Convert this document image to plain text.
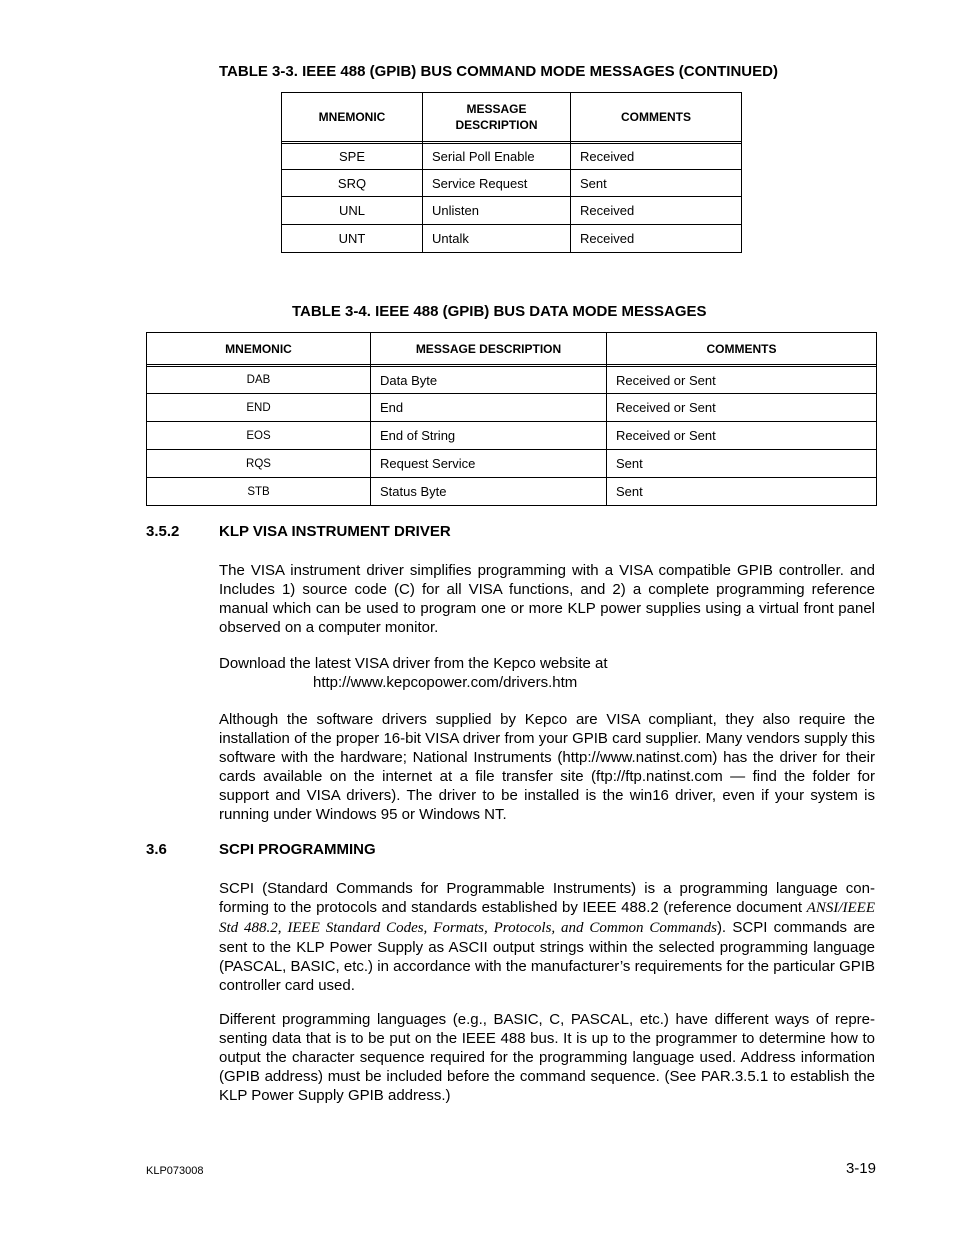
TABLE 3-3. IEEE 488 (GPIB) BUS COMMAND MODE MESSAGES (CONTINUED)
MNEMONIC	MESSAGE DESCRIPTION	COMMENTS

SPE	Serial Poll Enable	Received
SRQ	Service Request	Sent
UNL	Unlisten	Received
UNT	Untalk	Received
TABLE 3-4. IEEE 488 (GPIB) BUS DATA MODE MESSAGES
MNEMONIC	MESSAGE DESCRIPTION	COMMENTS

DAB	Data Byte	Received or Sent
END	End	Received or Sent
EOS	End of String	Received or Sent
RQS	Request Service	Sent
STB	Status Byte	Sent
3.5.2	KLP VISA INSTRUMENT DRIVER
The VISA instrument driver simplifies programming with a VISA compatible GPIB controller. and Includes 1) source code (C) for all VISA functions, and 2) a complete programming reference manual which can be used to program one or more KLP power supplies using a virtual front panel observed on a computer monitor.
Download the latest VISA driver from the Kepco website at
http://www.kepcopower.com/drivers.htm
Although the software drivers supplied by Kepco are VISA compliant, they also require the installation of the proper 16-bit VISA driver from your GPIB card supplier. Many vendors supply this software with the hardware; National Instruments (http://www.natinst.com) has the driver for their cards available on the internet at a file transfer site (ftp://ftp.natinst.com — find the folder for support and VISA drivers). The driver to be installed is the win16 driver, even if your system is running under Windows 95 or Windows NT.
3.6	SCPI PROGRAMMING
SCPI (Standard Commands for Programmable Instruments) is a programming language conforming to the protocols and standards established by IEEE 488.2 (reference document ANSI/IEEE Std 488.2, IEEE Standard Codes, Formats, Protocols, and Common Commands). SCPI commands are sent to the KLP Power Supply as ASCII output strings within the selected programming language (PASCAL, BASIC, etc.) in accordance with the manufacturer’s requirements for the particular GPIB controller card used.
Different programming languages (e.g., BASIC, C, PASCAL, etc.) have different ways of representing data that is to be put on the IEEE 488 bus. It is up to the programmer to determine how to output the character sequence required for the programming language used. Address information (GPIB address) must be included before the command sequence. (See PAR.3.5.1 to establish the KLP Power Supply GPIB address.)
KLP073008	3-19
